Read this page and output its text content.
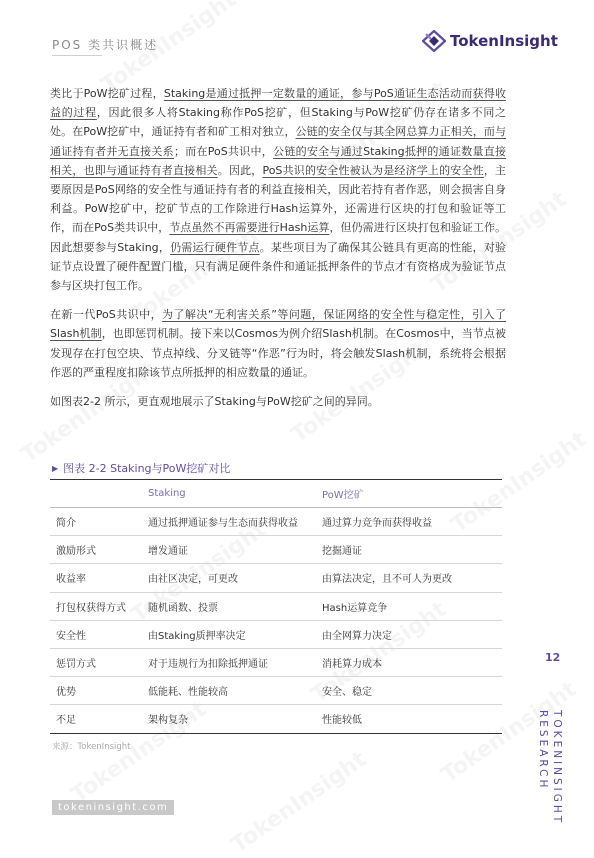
POS 类共识概述	TokenInsight

类比于PoW挖矿过程，Staking是通过抵押一定数量的通证，参与PoS通证生态活动而获得收益的过程，因此很多人将Staking称作PoS挖矿，但Staking与PoW挖矿仍存在诸多不同之处。在PoW挖矿中，通证持有者和矿工相对独立，公链的安全仅与其全网总算力正相关，而与通证持有者并无直接关系；而在PoS共识中，公链的安全与通过Staking抵押的通证数量直接相关，也即与通证持有者直接相关。因此，PoS共识的安全性被认为是经济学上的安全性，主要原因是PoS网络的安全性与通证持有者的利益直接相关，因此若持有者作恶，则会损害自身利益。PoW挖矿中，挖矿节点的工作除进行Hash运算外，还需进行区块的打包和验证等工作，而在PoS类共识中，节点虽然不再需要进行Hash运算，但仍需进行区块打包和验证工作。因此想要参与Staking，仍需运行硬件节点。某些项目为了确保其公链具有更高的性能，对验证节点设置了硬件配置门槛，只有满足硬件条件和通证抵押条件的节点才有资格成为验证节点参与区块打包工作。

在新一代PoS共识中，为了解决“无利害关系”等问题，保证网络的安全性与稳定性，引入了Slash机制，也即惩罚机制。接下来以Cosmos为例介绍Slash机制。在Cosmos中，当节点被发现存在打包空块、节点掉线、分叉链等“作恶”行为时，将会触发Slash机制，系统将会根据作恶的严重程度扣除该节点所抵押的相应数量的通证。

如图表2-2 所示，更直观地展示了Staking与PoW挖矿之间的异同。

▶ 图表 2-2 Staking与PoW挖矿对比
	Staking	PoW挖矿
简介	通过抵押通证参与生态而获得收益	通过算力竞争而获得收益
激励形式	增发通证	挖掘通证
收益率	由社区决定，可更改	由算法决定，且不可人为更改
打包权获得方式	随机函数、投票	Hash运算竞争
安全性	由Staking质押率决定	由全网算力决定
惩罚方式	对于违规行为扣除抵押通证	消耗算力成本
优势	低能耗、性能较高	安全、稳定
不足	架构复杂	性能较低
来源：TokenInsight
12
TOKENINSIGHT RESEARCH
tokeninsight.com
